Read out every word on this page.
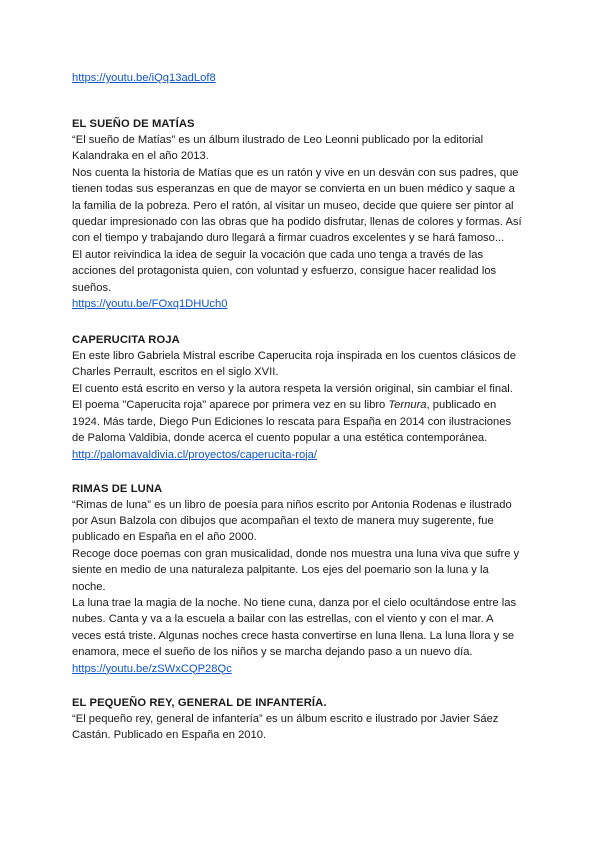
https://youtu.be/iQq13adLof8

EL SUEÑO DE MATÍAS

“El sueño de Matías” es un álbum ilustrado de Leo Leonni publicado por la editorial Kalandraka en el año 2013.

Nos cuenta la historia de Matías que es un ratón y vive en un desván con sus padres, que tienen todas sus esperanzas en que de mayor se convierta en un buen médico y saque a la familia de la pobreza. Pero el ratón, al visitar un museo, decide que quiere ser pintor al quedar impresionado con las obras que ha podido disfrutar, llenas de colores y formas. Así con el tiempo y trabajando duro llegará a firmar cuadros excelentes y se hará famoso...

El autor reivindica la idea de seguir la vocación que cada uno tenga a través de las acciones del protagonista quien, con voluntad y esfuerzo, consigue hacer realidad los sueños.

https://youtu.be/FOxq1DHUch0

CAPERUCITA ROJA

En este libro Gabriela Mistral escribe Caperucita roja inspirada en los cuentos clásicos de Charles Perrault, escritos en el siglo XVII.

El cuento está escrito en verso y la autora respeta la versión original, sin cambiar el final. El poema "Caperucita roja" aparece por primera vez en su libro Ternura, publicado en 1924. Más tarde, Diego Pun Ediciones lo rescata para España en 2014 con ilustraciones de Paloma Valdibia, donde acerca el cuento popular a una estética contemporánea.

http://palomavaldivia.cl/proyectos/caperucita-roja/

RIMAS DE LUNA

“Rimas de luna” es un libro de poesía para niños escrito por Antonia Rodenas e ilustrado por Asun Balzola con dibujos que acompañan el texto de manera muy sugerente, fue publicado en España en el año 2000.

Recoge doce poemas con gran musicalidad, donde nos muestra una luna viva que sufre y siente en medio de una naturaleza palpitante. Los ejes del poemario son la luna y la noche.

La luna trae la magia de la noche. No tiene cuna, danza por el cielo ocultándose entre las nubes. Canta y va a la escuela a bailar con las estrellas, con el viento y con el mar. A veces está triste. Algunas noches crece hasta convertirse en luna llena. La luna llora y se enamora, mece el sueño de los niños y se marcha dejando paso a un nuevo día.

https://youtu.be/zSWxCQP28Qc

EL PEQUEÑO REY, GENERAL DE INFANTERÍA.

“El pequeño rey, general de infantería” es un álbum escrito e ilustrado por Javier Sáez Castán. Publicado en España en 2010.
